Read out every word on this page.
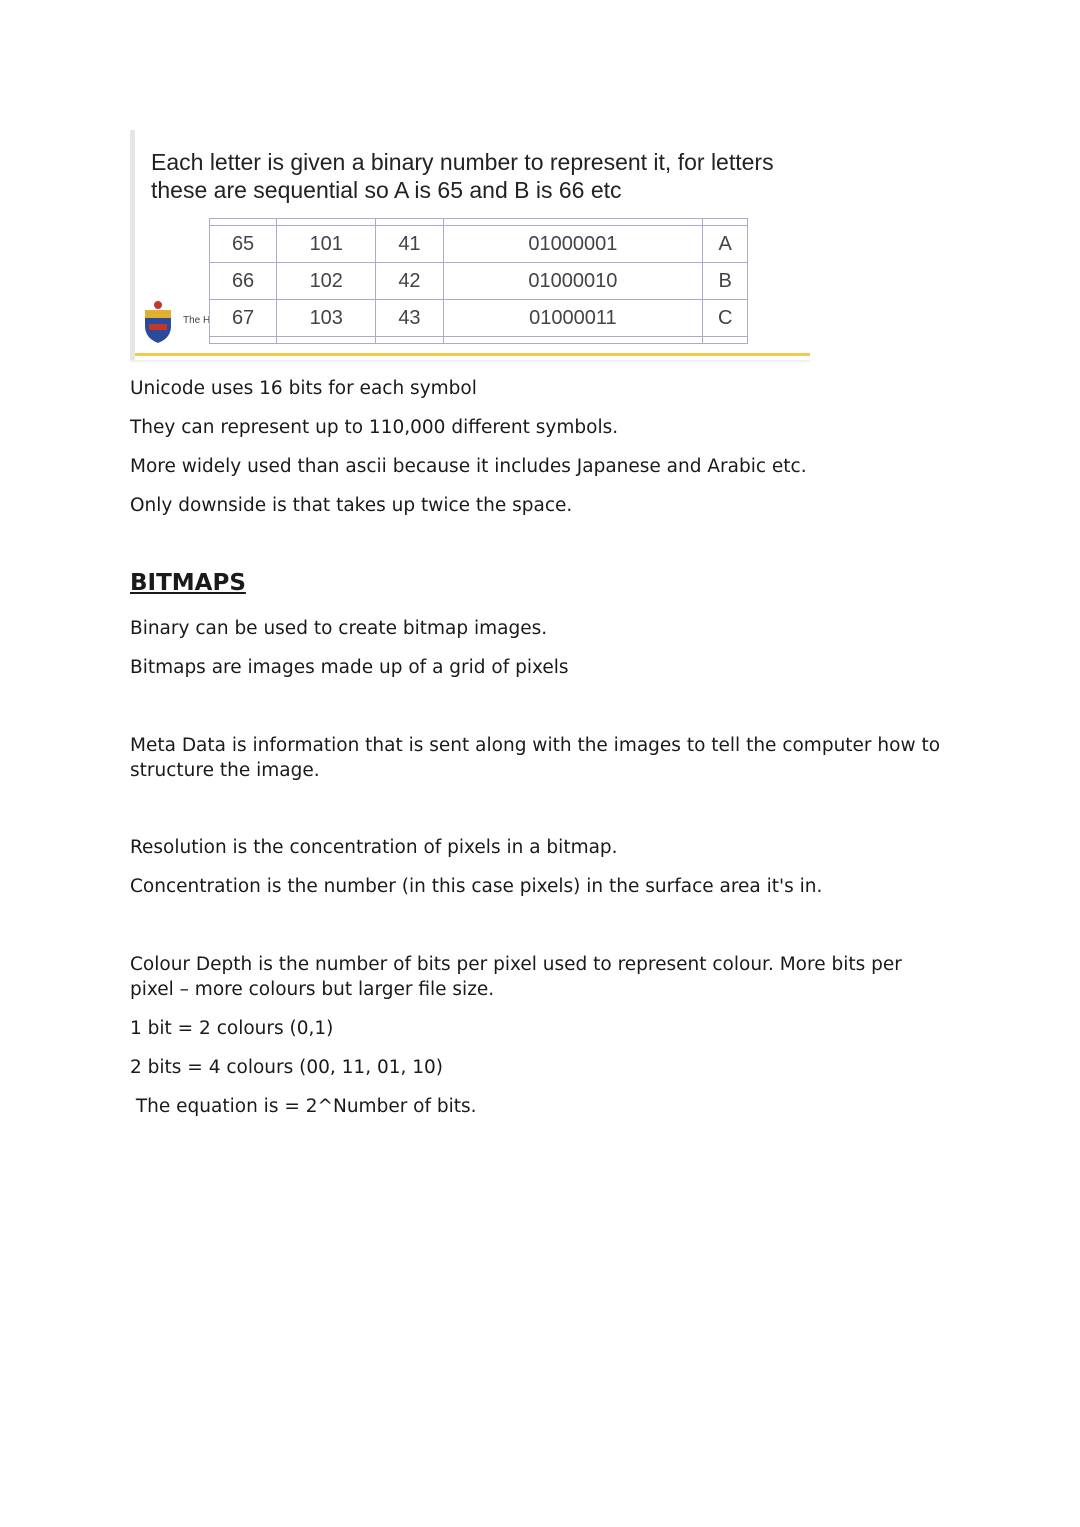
Each letter is given a binary number to represent it, for letters these are sequential so A is 65 and B is 66 etc
The H

65	101	41	01000001	A
66	102	42	01000010	B
67	103	43	01000011	C

Unicode uses 16 bits for each symbol
They can represent up to 110,000 different symbols.
More widely used than ascii because it includes Japanese and Arabic etc.
Only downside is that takes up twice the space.
BITMAPS
Binary can be used to create bitmap images.
Bitmaps are images made up of a grid of pixels
Meta Data is information that is sent along with the images to tell the computer how to structure the image.
Resolution is the concentration of pixels in a bitmap.
Concentration is the number (in this case pixels) in the surface area it's in.
Colour Depth is the number of bits per pixel used to represent colour. More bits per pixel – more colours but larger file size.
1 bit = 2 colours (0,1)
2 bits = 4 colours (00, 11, 01, 10)
The equation is = 2^Number of bits.
